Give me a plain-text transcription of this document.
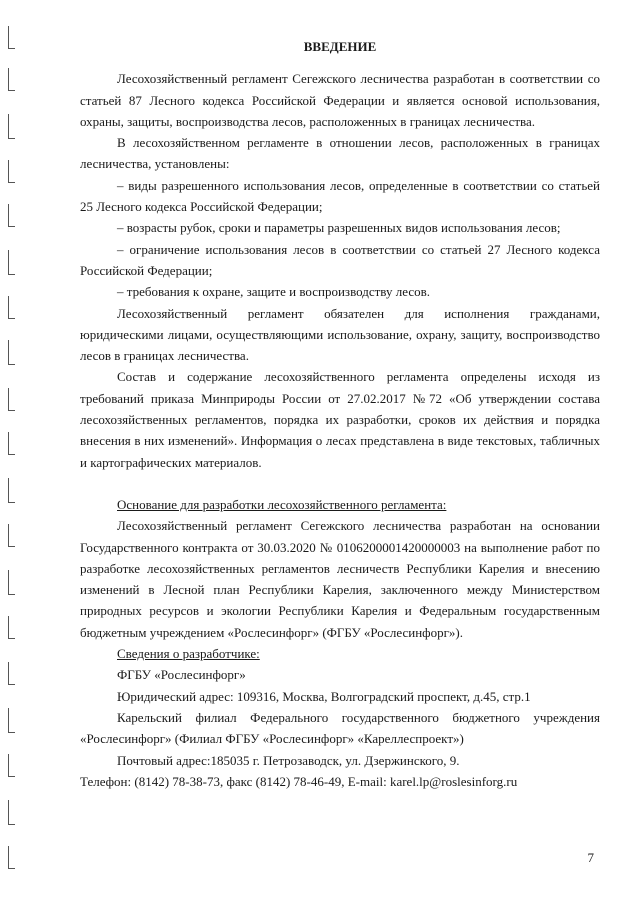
ВВЕДЕНИЕ

Лесохозяйственный регламент Сегежского лесничества разработан в соответствии со статьей 87 Лесного кодекса Российской Федерации и является основой использования, охраны, защиты, воспроизводства лесов, расположенных в границах лесничества.

В лесохозяйственном регламенте в отношении лесов, расположенных в границах лесничества, установлены:

– виды разрешенного использования лесов, определенные в соответствии со статьей 25 Лесного кодекса Российской Федерации;

– возрасты рубок, сроки и параметры разрешенных видов использования лесов;

– ограничение использования лесов в соответствии со статьей 27 Лесного кодекса Российской Федерации;

– требования к охране, защите и воспроизводству лесов.

Лесохозяйственный регламент обязателен для исполнения гражданами, юридическими лицами, осуществляющими использование, охрану, защиту, воспроизводство лесов в границах лесничества.

Состав и содержание лесохозяйственного регламента определены исходя из требований приказа Минприроды России от 27.02.2017 №72 «Об утверждении состава лесохозяйственных регламентов, порядка их разработки, сроков их действия и порядка внесения в них изменений». Информация о лесах представлена в виде текстовых, табличных и картографических материалов.

Основание для разработки лесохозяйственного регламента:

Лесохозяйственный регламент Сегежского лесничества разработан на основании Государственного контракта от 30.03.2020 № 0106200001420000003 на выполнение работ по разработке лесохозяйственных регламентов лесничеств Республики Карелия и внесению изменений в Лесной план Республики Карелия, заключенного между Министерством природных ресурсов и экологии Республики Карелия и Федеральным государственным бюджетным учреждением «Рослесинфорг» (ФГБУ «Рослесинфорг»).

Сведения о разработчике:

ФГБУ «Рослесинфорг»

Юридический адрес: 109316, Москва, Волгоградский проспект, д.45, стр.1

Карельский филиал Федерального государственного бюджетного учреждения «Рослесинфорг» (Филиал ФГБУ «Рослесинфорг» «Кареллеспроект»)

Почтовый адрес:185035 г. Петрозаводск, ул. Дзержинского, 9.

Телефон: (8142) 78-38-73, факс (8142) 78-46-49, E-mail: karel.lp@roslesinforg.ru

7
